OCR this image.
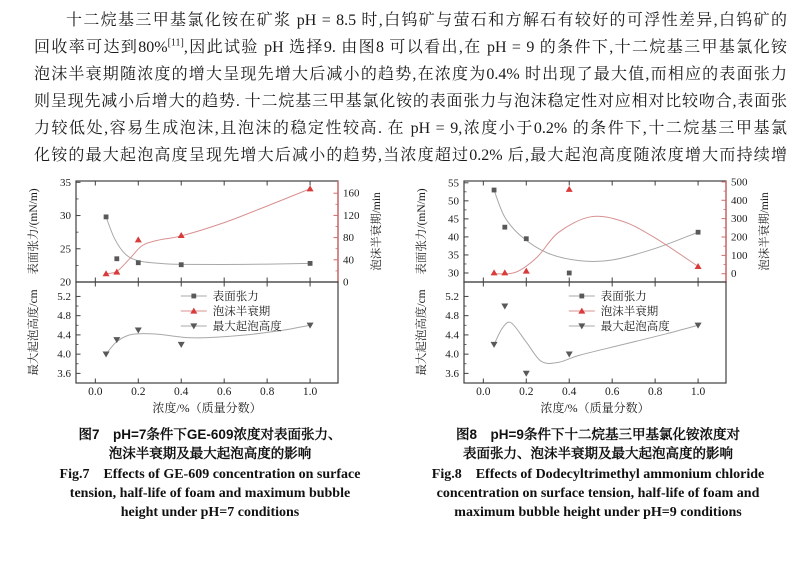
十二烷基三甲基氯化铵在矿浆 pH = 8.5 时,白钨矿与萤石和方解石有较好的可浮性差异,白钨矿的
回收率可达到80%[11],因此试验 pH 选择9. 由图8 可以看出,在 pH = 9 的条件下,十二烷基三甲基氯化铵
泡沫半衰期随浓度的增大呈现先增大后减小的趋势,在浓度为0.4% 时出现了最大值,而相应的表面张力
则呈现先减小后增大的趋势. 十二烷基三甲基氯化铵的表面张力与泡沫稳定性对应相对比较吻合,表面张
力较低处,容易生成泡沫,且泡沫的稳定性较高. 在 pH = 9,浓度小于0.2% 的条件下,十二烷基三甲基氯
化铵的最大起泡高度呈现先增大后减小的趋势,当浓度超过0.2% 后,最大起泡高度随浓度增大而持续增
20
25
30
35
0
40
80
120
160 泡沫半衰期/min
表面张力/(mN/m)
3.6
4.0
4.4
4.8
5.2
最大起泡高度/cm
0.0 0.2 0.4 0.6 0.8 1.0
浓度/%（质量分数）
表面张力
泡沫半衰期
最大起泡高度
图7　pH=7条件下GE-609浓度对表面张力、
泡沫半衰期及最大起泡高度的影响
Fig.7　Effects of GE-609 concentration on surface
tension, half-life of foam and maximum bubble
height under pH=7 conditions
30
35
40
45
50
55
0
100
200
300
400
500
泡沫半衰期/min
表面张力/(mN/m)
3.6
4.0
4.4
4.8
5.2
最大起泡高度/cm
0.0 0.2 0.4 0.6 0.8 1.0
浓度/%（质量分数）
表面张力
泡沫半衰期
最大起泡高度
图8　pH=9条件下十二烷基三甲基氯化铵浓度对
表面张力、泡沫半衰期及最大起泡高度的影响
Fig.8　Effects of Dodecyltrimethyl ammonium chloride
concentration on surface tension, half-life of foam and
maximum bubble height under pH=9 conditions
